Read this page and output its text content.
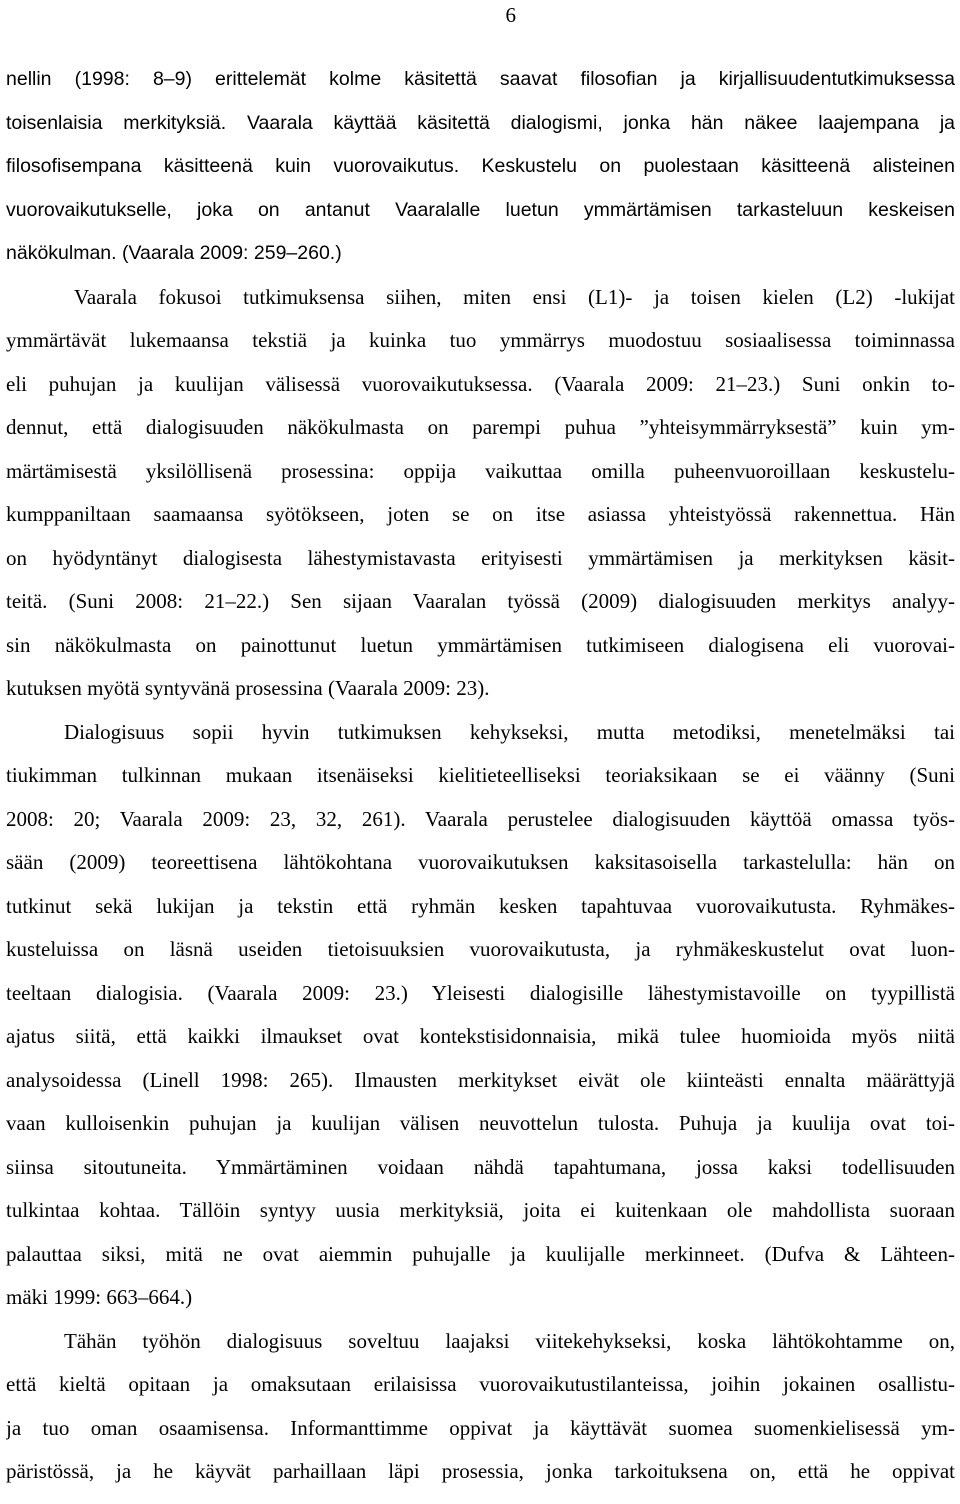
6
nellin (1998: 8–9) erittelemät kolme käsitettä saavat filosofian ja kirjallisuudentutkimuksessa
toisenlaisia merkityksiä. Vaarala käyttää käsitettä dialogismi, jonka hän näkee laajempana ja
filosofisempana käsitteenä kuin vuorovaikutus. Keskustelu on puolestaan käsitteenä alisteinen
vuorovaikutukselle, joka on antanut Vaaralalle luetun ymmärtämisen tarkasteluun keskeisen
näkökulman. (Vaarala 2009: 259–260.)
Vaarala fokusoi tutkimuksensa siihen, miten ensi (L1)- ja toisen kielen (L2) -lukijat
ymmärtävät lukemaansa tekstiä ja kuinka tuo ymmärrys muodostuu sosiaalisessa toiminnassa
eli puhujan ja kuulijan välisessä vuorovaikutuksessa. (Vaarala 2009: 21–23.) Suni onkin to-
dennut, että dialogisuuden näkökulmasta on parempi puhua ”yhteisymmärryksestä” kuin ym-
märtämisestä yksilöllisenä prosessina: oppija vaikuttaa omilla puheenvuoroillaan keskustelu-
kumppaniltaan saamaansa syötökseen, joten se on itse asiassa yhteistyössä rakennettua. Hän
on hyödyntänyt dialogisesta lähestymistavasta erityisesti ymmärtämisen ja merkityksen käsit-
teitä. (Suni 2008: 21–22.) Sen sijaan Vaaralan työssä (2009) dialogisuuden merkitys analyy-
sin näkökulmasta on painottunut luetun ymmärtämisen tutkimiseen dialogisena eli vuorovai-
kutuksen myötä syntyvänä prosessina (Vaarala 2009: 23).
Dialogisuus sopii hyvin tutkimuksen kehykseksi, mutta metodiksi, menetelmäksi tai
tiukimman tulkinnan mukaan itsenäiseksi kielitieteelliseksi teoriaksikaan se ei väänny (Suni
2008: 20; Vaarala 2009: 23, 32, 261). Vaarala perustelee dialogisuuden käyttöä omassa työs-
sään (2009) teoreettisena lähtökohtana vuorovaikutuksen kaksitasoisella tarkastelulla: hän on
tutkinut sekä lukijan ja tekstin että ryhmän kesken tapahtuvaa vuorovaikutusta. Ryhmäkes-
kusteluissa on läsnä useiden tietoisuuksien vuorovaikutusta, ja ryhmäkeskustelut ovat luon-
teeltaan dialogisia. (Vaarala 2009: 23.) Yleisesti dialogisille lähestymistavoille on tyypillistä
ajatus siitä, että kaikki ilmaukset ovat kontekstisidonnaisia, mikä tulee huomioida myös niitä
analysoidessa (Linell 1998: 265). Ilmausten merkitykset eivät ole kiinteästi ennalta määrättyjä
vaan kulloisenkin puhujan ja kuulijan välisen neuvottelun tulosta. Puhuja ja kuulija ovat toi-
siinsa sitoutuneita. Ymmärtäminen voidaan nähdä tapahtumana, jossa kaksi todellisuuden
tulkintaa kohtaa. Tällöin syntyy uusia merkityksiä, joita ei kuitenkaan ole mahdollista suoraan
palauttaa siksi, mitä ne ovat aiemmin puhujalle ja kuulijalle merkinneet. (Dufva & Lähteen-
mäki 1999: 663–664.)
Tähän työhön dialogisuus soveltuu laajaksi viitekehykseksi, koska lähtökohtamme on,
että kieltä opitaan ja omaksutaan erilaisissa vuorovaikutustilanteissa, joihin jokainen osallistu-
ja tuo oman osaamisensa. Informanttimme oppivat ja käyttävät suomea suomenkielisessä ym-
päristössä, ja he käyvät parhaillaan läpi prosessia, jonka tarkoituksena on, että he oppivat
